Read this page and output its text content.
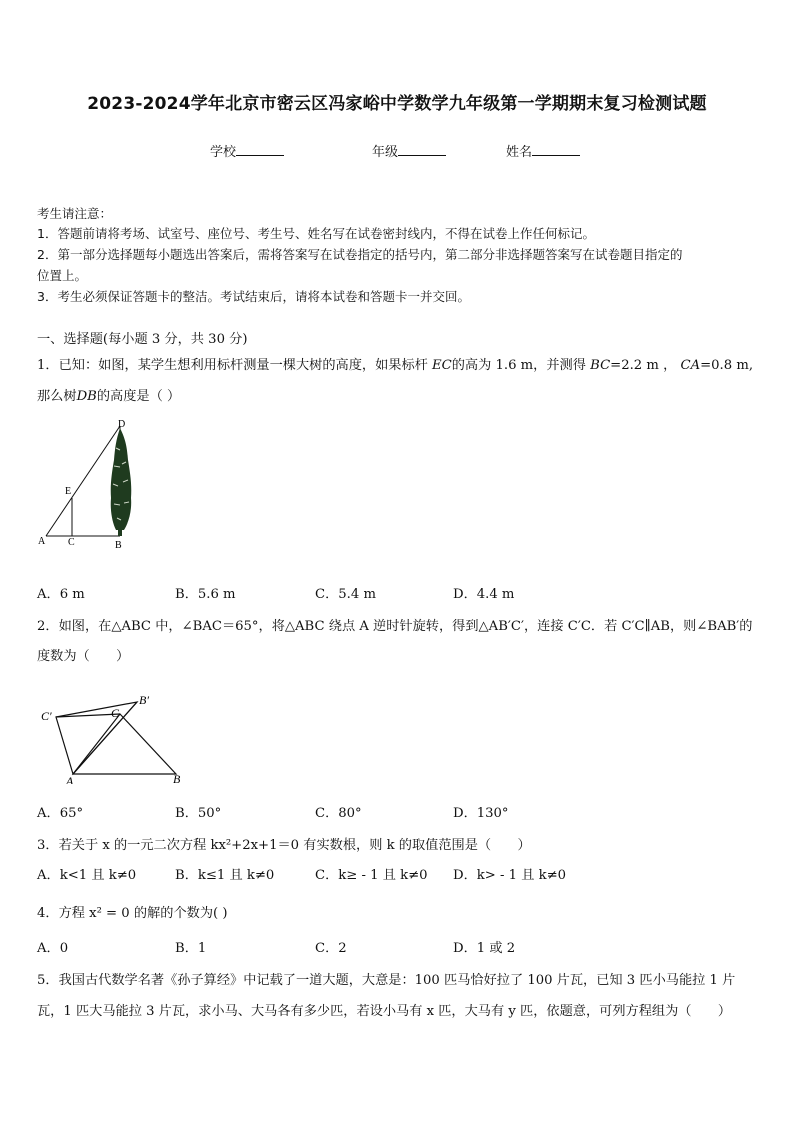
2023-2024学年北京市密云区冯家峪中学数学九年级第一学期期末复习检测试题
学校	年级	姓名
考生请注意：
1．答题前请将考场、试室号、座位号、考生号、姓名写在试卷密封线内，不得在试卷上作任何标记。
2．第一部分选择题每小题选出答案后，需将答案写在试卷指定的括号内，第二部分非选择题答案写在试卷题目指定的
位置上。
3．考生必须保证答题卡的整洁。考试结束后，请将本试卷和答题卡一并交回。
一、选择题(每小题 3 分，共 30 分)
1．已知：如图，某学生想利用标杆测量一棵大树的高度，如果标杆 EC的高为 1.6 m，并测得 BC=2.2 m ， CA=0.8 m,
那么树DB的高度是（ ）
D
E
A C	B
A．6 m	B．5.6 m	C．5.4 m	D．4.4 m
2．如图，在△ABC 中，∠BAC＝65°，将△ABC 绕点 A 逆时针旋转，得到△AB′C′，连接 C′C．若 C′C∥AB，则∠BAB′的
度数为（　　）
C′	C
B′
A	B
A．65°	B．50°	C．80°	D．130°
3．若关于 x 的一元二次方程 kx²+2x+1＝0 有实数根，则 k 的取值范围是（　　）
A．k<1 且 k≠0	B．k≤1 且 k≠0	C．k≥ - 1 且 k≠0 D．k> - 1 且 k≠0
4．方程 x² = 0 的解的个数为( )
A．0	B．1	C．2	D．1 或 2
5．我国古代数学名著《孙子算经》中记载了一道大题，大意是：100 匹马恰好拉了 100 片瓦，已知 3 匹小马能拉 1 片
瓦，1 匹大马能拉 3 片瓦，求小马、大马各有多少匹，若设小马有 x 匹，大马有 y 匹，依题意，可列方程组为（　　）
